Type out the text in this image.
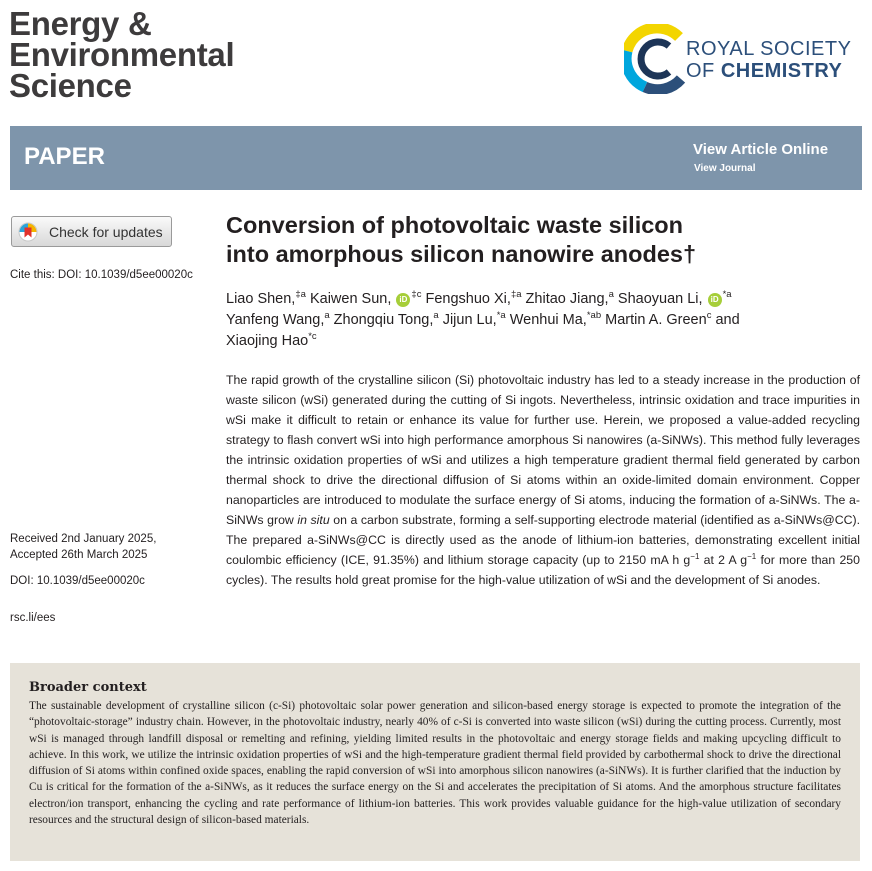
Energy &
Environmental
Science
ROYAL SOCIETY
OF CHEMISTRY
PAPER	View Article Online
View Journal
Check for updates
Cite this: DOI: 10.1039/d5ee00020c
Conversion of photovoltaic waste silicon
into amorphous silicon nanowire anodes†
Liao Shen,$^{\ddagger a}$ Kaiwen Sun, iD $^{\ddagger c}$ Fengshuo Xi,$^{\ddagger a}$ Zhitao Jiang,$^a$ Shaoyuan Li, iD $^{*a}$
Yanfeng Wang,$^a$ Zhongqiu Tong,$^a$ Jijun Lu,$^{*a}$ Wenhui Ma,$^{*ab}$ Martin A. Green$^c$ and
Xiaojing Hao$^{*c}$
The rapid growth of the crystalline silicon (Si) photovoltaic industry has led to a steady increase in the production of waste silicon (wSi) generated during the cutting of Si ingots. Nevertheless, intrinsic oxidation and trace impurities in wSi make it difficult to retain or enhance its value for further use. Herein, we proposed a value-added recycling strategy to flash convert wSi into high performance amorphous Si nanowires (a-SiNWs). This method fully leverages the intrinsic oxidation properties of wSi and utilizes a high temperature gradient thermal field generated by carbon thermal shock to drive the directional diffusion of Si atoms within an oxide-limited domain environment. Copper nanoparticles are introduced to modulate the surface energy of Si atoms, inducing the formation of a-SiNWs. The a-SiNWs grow in situ on a carbon substrate, forming a self-supporting electrode material (identified as a-SiNWs@CC). The prepared a-SiNWs@CC is directly used as the anode of lithium-ion batteries, demonstrating excellent initial coulombic efficiency (ICE, 91.35%) and lithium storage capacity (up to 2150 mA h $g^{-1}$ at 2 A $g^{-1}$ for more than 250 cycles). The results hold great promise for the high-value utilization of wSi and the development of Si anodes.
Received 2nd January 2025,
Accepted 26th March 2025
DOI: 10.1039/d5ee00020c
rsc.li/ees
Broader context
The sustainable development of crystalline silicon (c-Si) photovoltaic solar power generation and silicon-based energy storage is expected to promote the integration of the “photovoltaic-storage” industry chain. However, in the photovoltaic industry, nearly 40% of c-Si is converted into waste silicon (wSi) during the cutting process. Currently, most wSi is managed through landfill disposal or remelting and refining, yielding limited results in the photovoltaic and energy storage fields and making upcycling difficult to achieve. In this work, we utilize the intrinsic oxidation properties of wSi and the high-temperature gradient thermal field provided by carbothermal shock to drive the directional diffusion of Si atoms within confined oxide spaces, enabling the rapid conversion of wSi into amorphous silicon nanowires (a-SiNWs). It is further clarified that the induction by Cu is critical for the formation of the a-SiNWs, as it reduces the surface energy on the Si and accelerates the precipitation of Si atoms. And the amorphous structure facilitates electron/ion transport, enhancing the cycling and rate performance of lithium-ion batteries. This work provides valuable guidance for the high-value utilization of secondary resources and the structural design of silicon-based materials.
